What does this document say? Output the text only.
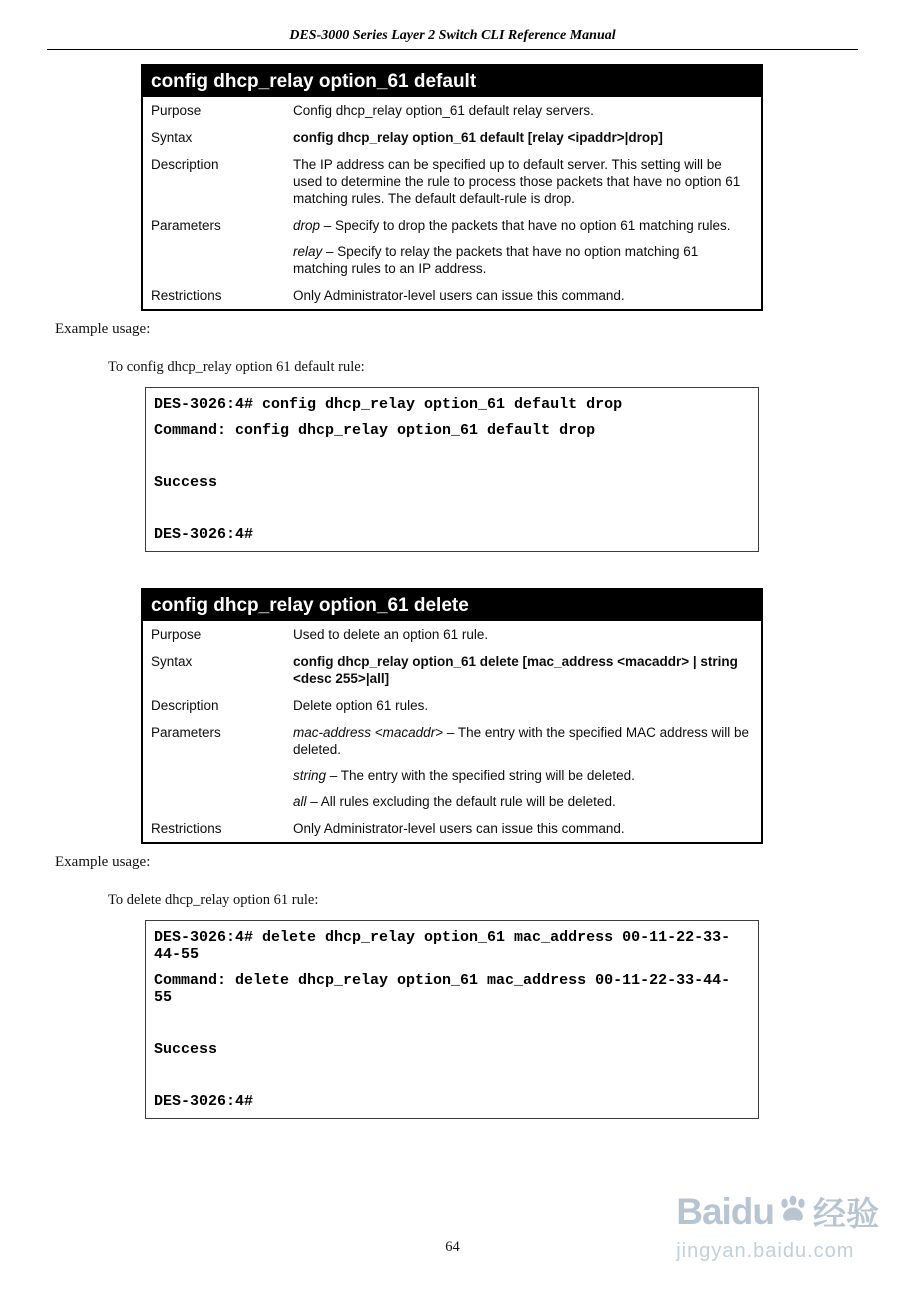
DES-3000 Series Layer 2 Switch CLI Reference Manual
config dhcp_relay option_61 default
Purpose	Config dhcp_relay option_61 default relay servers.
Syntax	config dhcp_relay option_61 default [relay <ipaddr>|drop]
Description	The IP address can be specified up to default server. This setting will be used to determine the rule to process those packets that have no option 61 matching rules. The default default-rule is drop.
Parameters	drop – Specify to drop the packets that have no option 61 matching rules.

relay – Specify to relay the packets that have no option matching 61 matching rules to an IP address.

Restrictions	Only Administrator-level users can issue this command.

Example usage:

To config dhcp_relay option 61 default rule:

DES-3026:4# config dhcp_relay option_61 default drop
Command: config dhcp_relay option_61 default drop
Success
DES-3026:4#
config dhcp_relay option_61 delete
Purpose	Used to delete an option 61 rule.
Syntax	config dhcp_relay option_61 delete [mac_address <macaddr> | string <desc 255>|all]
Description	Delete option 61 rules.
Parameters	mac-address <macaddr> – The entry with the specified MAC address will be deleted.

string – The entry with the specified string will be deleted.

all – All rules excluding the default rule will be deleted.

Restrictions	Only Administrator-level users can issue this command.

Example usage:

To delete dhcp_relay option 61 rule:

DES-3026:4# delete dhcp_relay option_61 mac_address 00-11-22-33-44-55
Command: delete dhcp_relay option_61 mac_address 00-11-22-33-44-55
Success
DES-3026:4#
64
Baidu 经验
jingyan.baidu.com
